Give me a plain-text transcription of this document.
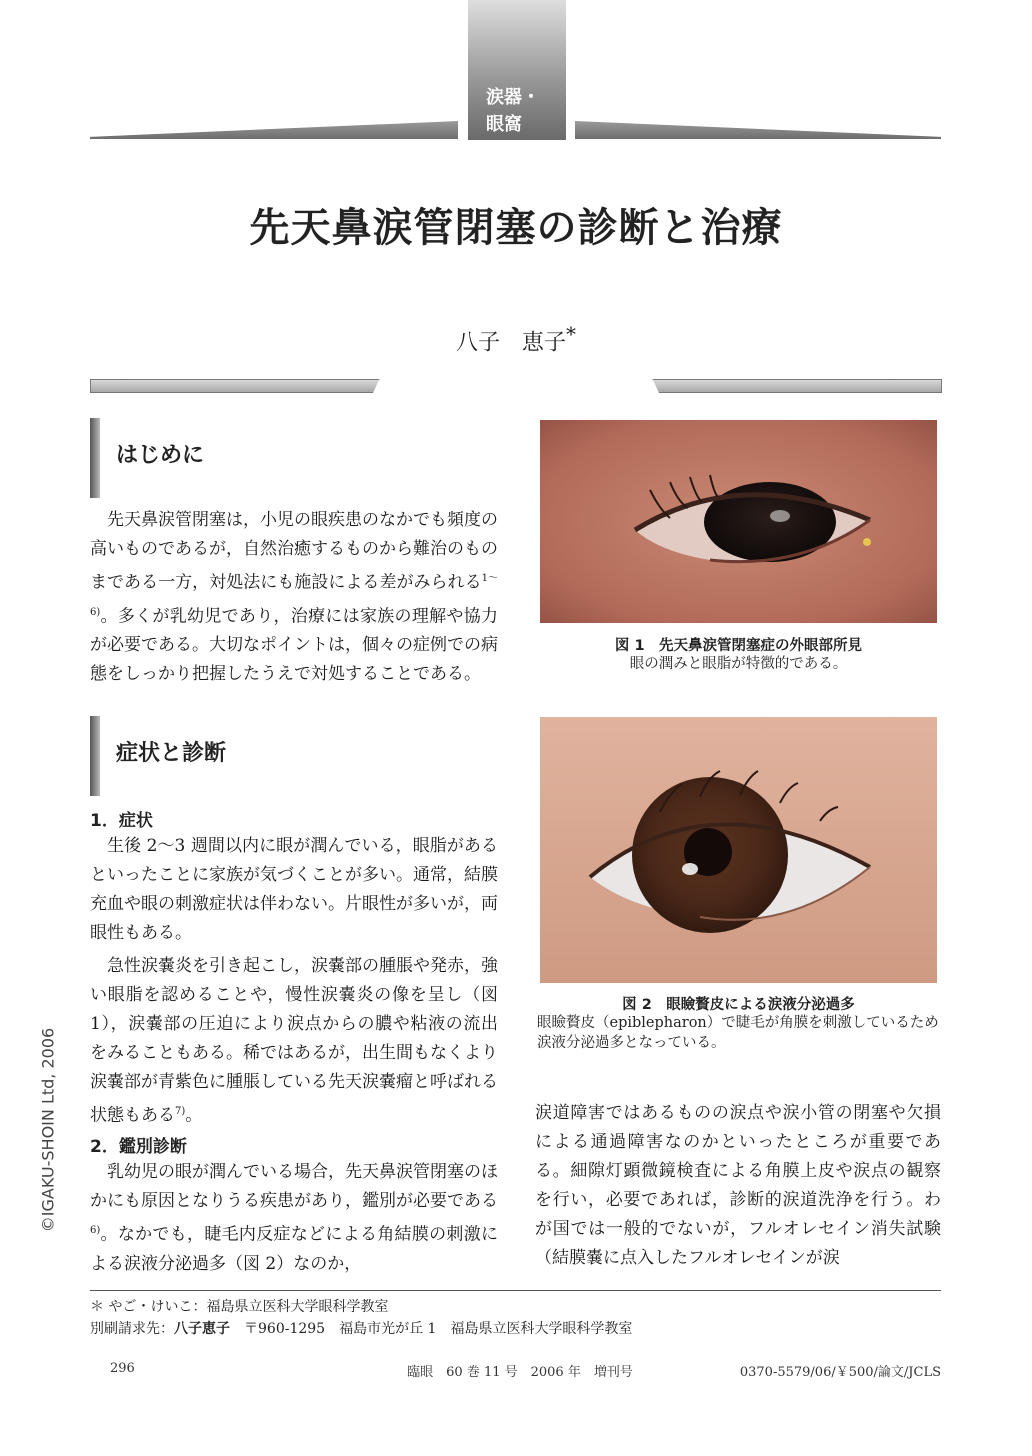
涙器・
眼窩
先天鼻涙管閉塞の診断と治療
八子　恵子*
はじめに
先天鼻涙管閉塞は，小児の眼疾患のなかでも頻度の高いものであるが，自然治癒するものから難治のものまである一方，対処法にも施設による差がみられる$^{1〜6)}$。多くが乳幼児であり，治療には家族の理解や協力が必要である。大切なポイントは，個々の症例での病態をしっかり把握したうえで対処することである。
症状と診断
1．症状
生後 2〜3 週間以内に眼が潤んでいる，眼脂があるといったことに家族が気づくことが多い。通常，結膜充血や眼の刺激症状は伴わない。片眼性が多いが，両眼性もある。
急性涙嚢炎を引き起こし，涙嚢部の腫脹や発赤，強い眼脂を認めることや，慢性涙嚢炎の像を呈し（図 1），涙嚢部の圧迫により涙点からの膿や粘液の流出をみることもある。稀ではあるが，出生間もなくより涙嚢部が青紫色に腫脹している先天涙嚢瘤と呼ばれる状態もある$^{7)}$。
2．鑑別診断
乳幼児の眼が潤んでいる場合，先天鼻涙管閉塞のほかにも原因となりうる疾患があり，鑑別が必要である$^{6)}$。なかでも，睫毛内反症などによる角結膜の刺激による涙液分泌過多（図 2）なのか，
図 1　先天鼻涙管閉塞症の外眼部所見
眼の潤みと眼脂が特徴的である。
図 2　眼瞼贅皮による涙液分泌過多
眼瞼贅皮（epiblepharon）で睫毛が角膜を刺激しているため
涙液分泌過多となっている。
涙道障害ではあるものの涙点や涙小管の閉塞や欠損による通過障害なのかといったところが重要である。細隙灯顕微鏡検査による角膜上皮や涙点の観察を行い，必要であれば，診断的涙道洗浄を行う。わが国では一般的でないが，フルオレセイン消失試験（結膜嚢に点入したフルオレセインが涙
©IGAKU-SHOIN Ltd, 2006
＊ やご・けいこ：福島県立医科大学眼科学教室
別刷請求先：八子恵子　〒960-1295　福島市光が丘 1　福島県立医科大学眼科学教室
296	臨眼　60 巻 11 号　2006 年　増刊号	0370-5579/06/￥500/論文/JCLS
